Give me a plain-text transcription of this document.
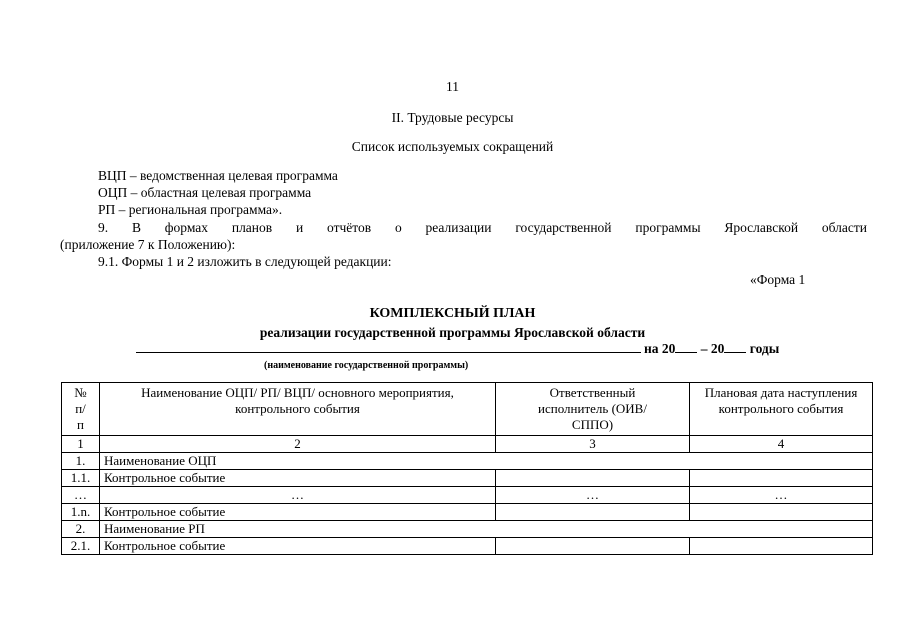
11
II. Трудовые ресурсы
Список используемых сокращений
ВЦП – ведомственная целевая программа
ОЦП – областная целевая программа
РП – региональная программа».
9. В формах планов и отчётов о реализации государственной программы Ярославской области
(приложение 7 к Положению):
9.1. Формы 1 и 2 изложить в следующей редакции:
«Форма 1
КОМПЛЕКСНЫЙ ПЛАН
реализации государственной программы Ярославской области
на 20 – 20 годы
(наименование государственной программы)
№ п/п	Наименование ОЦП/ РП/ ВЦП/ основного мероприятия, контрольного события	Ответственный исполнитель (ОИВ/ СППО)	Плановая дата наступления контрольного события
1	2	3	4
1.	Наименование ОЦП		
1.1.	Контрольное событие		
…	…	…	…
1.n.	Контрольное событие		
2.	Наименование РП		
2.1.	Контрольное событие		
